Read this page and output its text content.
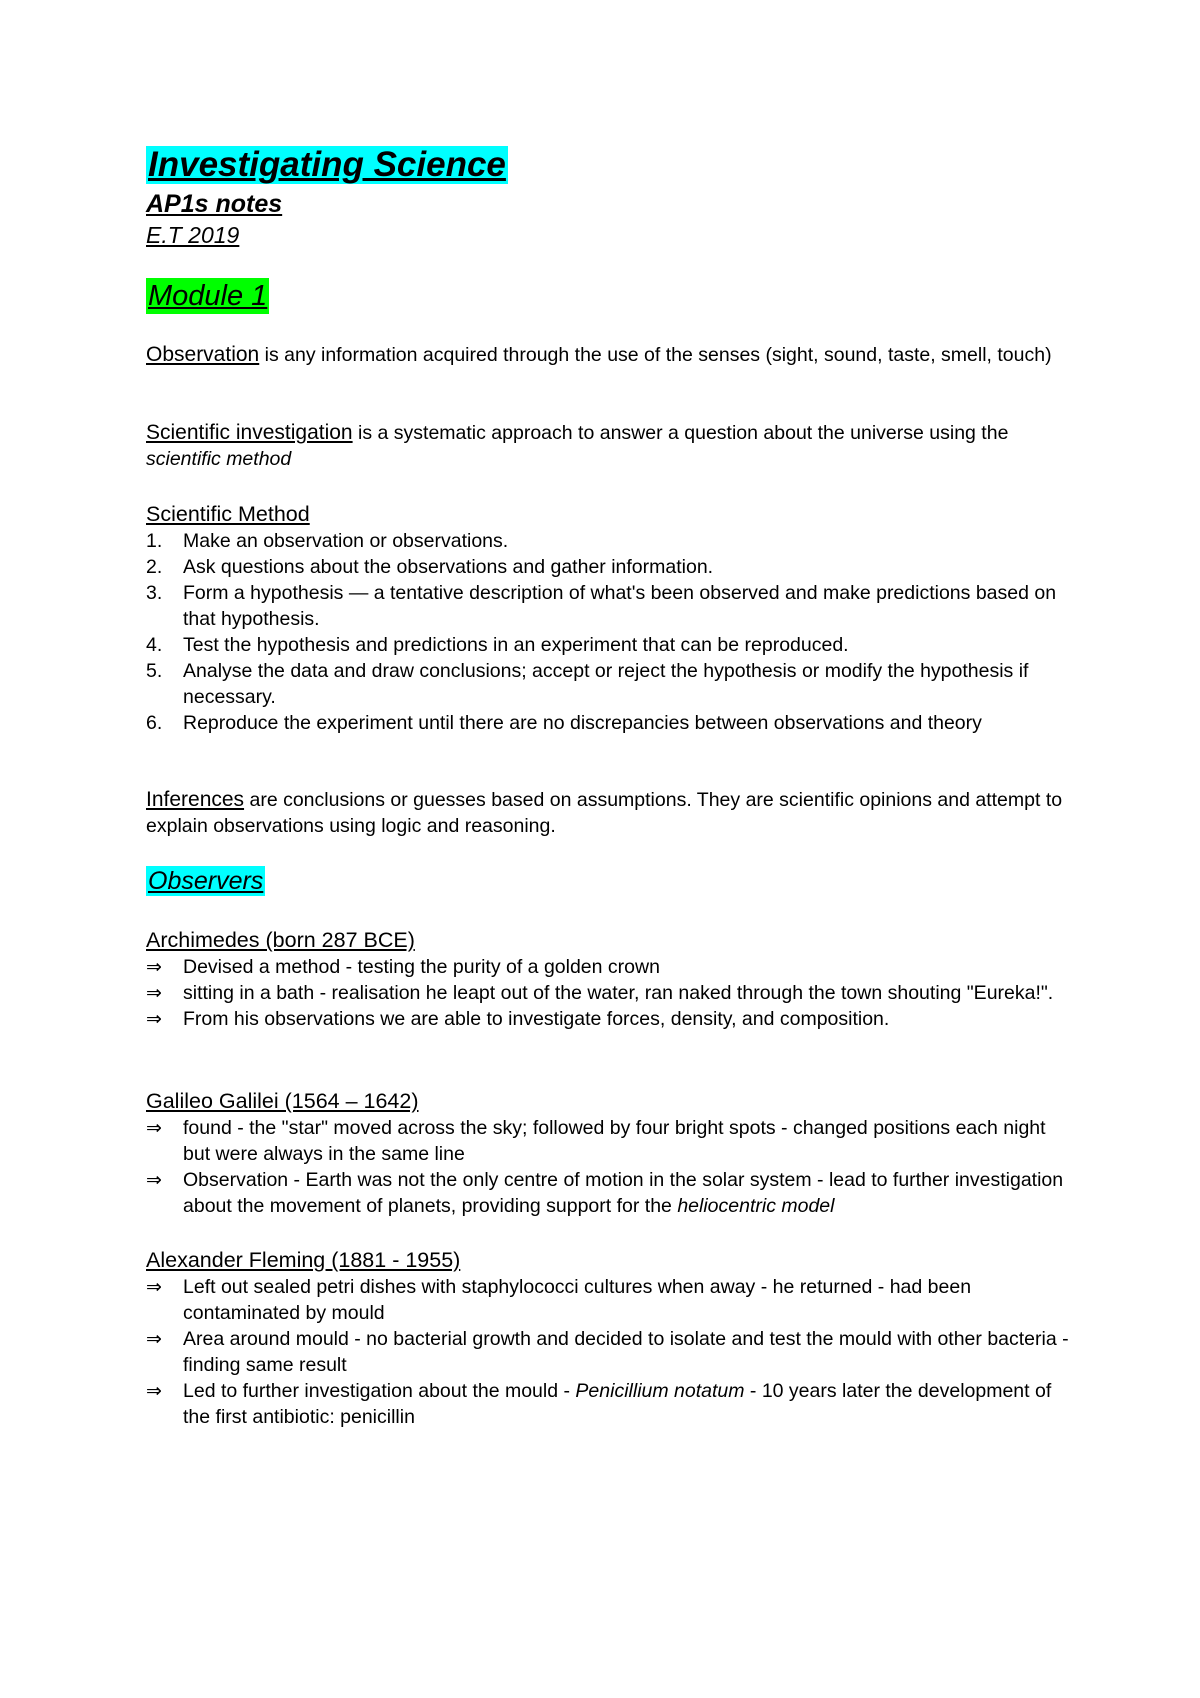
Investigating Science
AP1s notes
E.T 2019
Module 1
Observation is any information acquired through the use of the senses (sight, sound, taste, smell, touch)
Scientific investigation is a systematic approach to answer a question about the universe using the scientific method
Scientific Method
1. Make an observation or observations.
2. Ask questions about the observations and gather information.
3. Form a hypothesis — a tentative description of what's been observed and make predictions based on that hypothesis.
4. Test the hypothesis and predictions in an experiment that can be reproduced.
5. Analyse the data and draw conclusions; accept or reject the hypothesis or modify the hypothesis if necessary.
6. Reproduce the experiment until there are no discrepancies between observations and theory
Inferences are conclusions or guesses based on assumptions. They are scientific opinions and attempt to explain observations using logic and reasoning.
Observers
Archimedes (born 287 BCE)
⇒ Devised a method - testing the purity of a golden crown
⇒ sitting in a bath - realisation he leapt out of the water, ran naked through the town shouting "Eureka!".
⇒ From his observations we are able to investigate forces, density, and composition.
Galileo Galilei (1564 – 1642)
⇒ found - the "star" moved across the sky; followed by four bright spots - changed positions each night but were always in the same line
⇒ Observation - Earth was not the only centre of motion in the solar system - lead to further investigation about the movement of planets, providing support for the heliocentric model
Alexander Fleming (1881 - 1955)
⇒ Left out sealed petri dishes with staphylococci cultures when away - he returned - had been contaminated by mould
⇒ Area around mould - no bacterial growth and decided to isolate and test the mould with other bacteria - finding same result
⇒ Led to further investigation about the mould - Penicillium notatum - 10 years later the development of the first antibiotic: penicillin
